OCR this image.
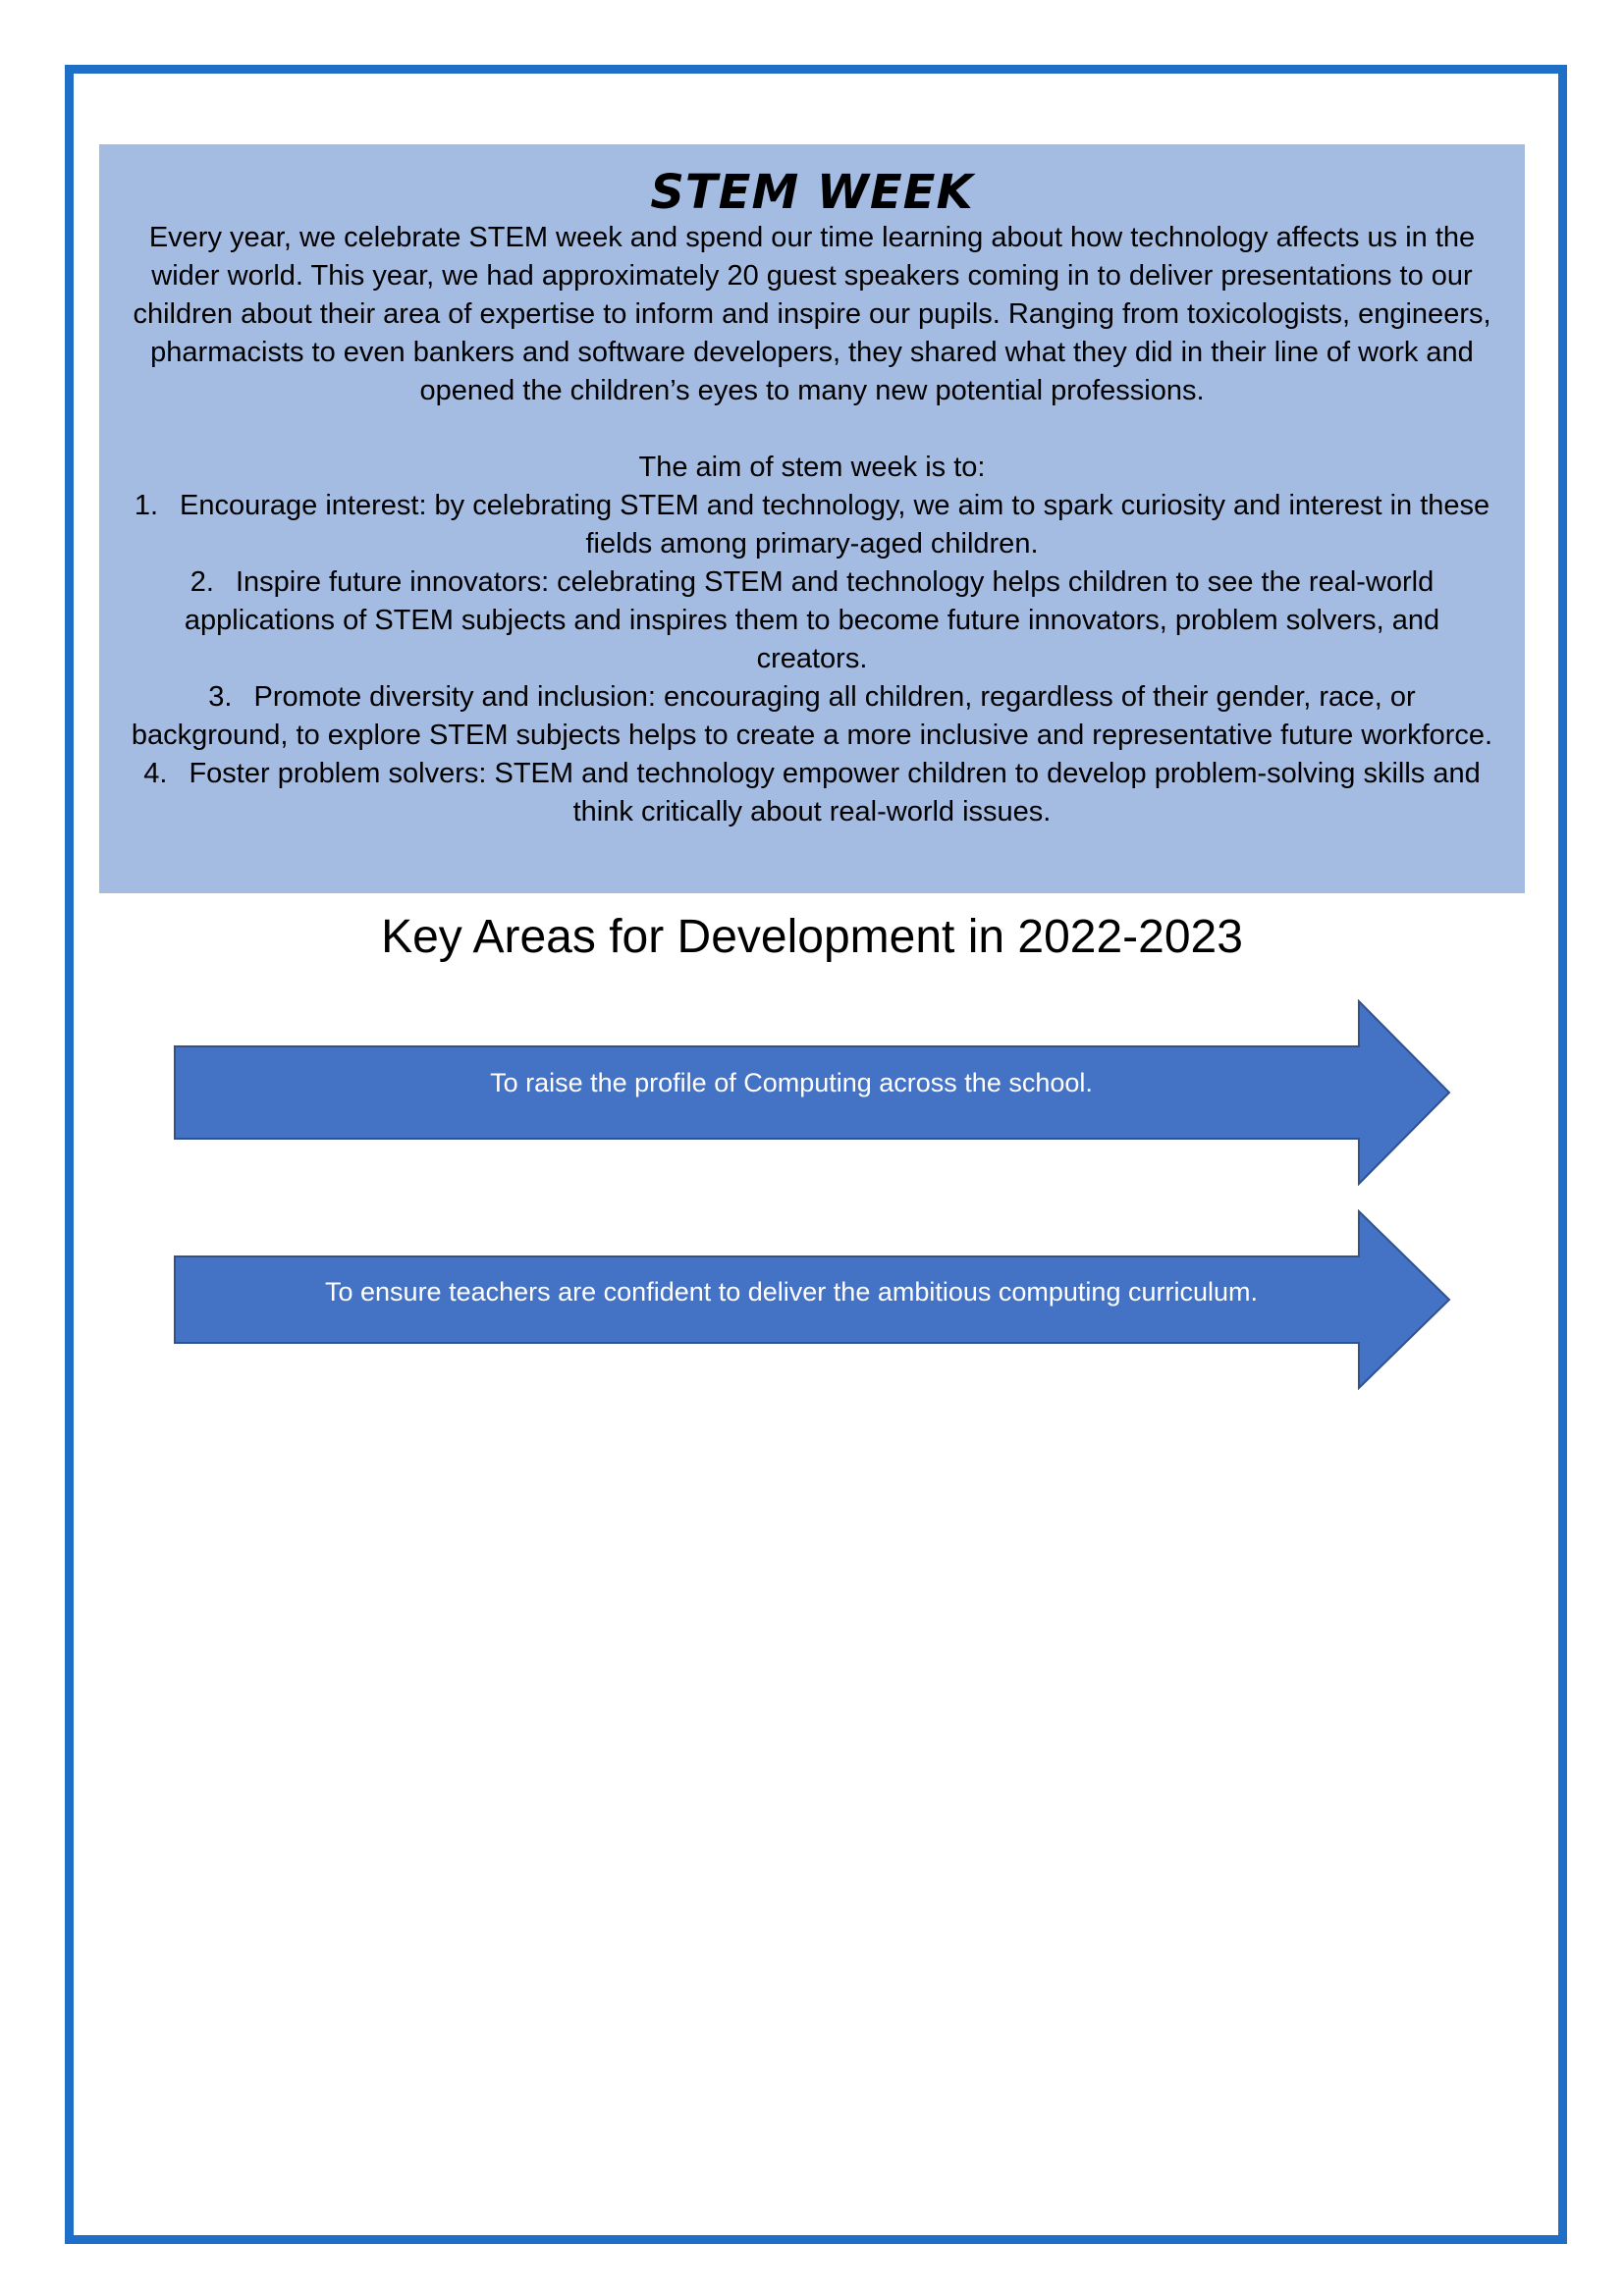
STEM WEEK

Every year, we celebrate STEM week and spend our time learning about how technology affects us in the wider world. This year, we had approximately 20 guest speakers coming in to deliver presentations to our children about their area of expertise to inform and inspire our pupils. Ranging from toxicologists, engineers, pharmacists to even bankers and software developers, they shared what they did in their line of work and opened the children’s eyes to many new potential professions.

The aim of stem week is to:

1. Encourage interest: by celebrating STEM and technology, we aim to spark curiosity and interest in these fields among primary-aged children.
2. Inspire future innovators: celebrating STEM and technology helps children to see the real-world applications of STEM subjects and inspires them to become future innovators, problem solvers, and creators.
3. Promote diversity and inclusion: encouraging all children, regardless of their gender, race, or background, to explore STEM subjects helps to create a more inclusive and representative future workforce.
4. Foster problem solvers: STEM and technology empower children to develop problem-solving skills and think critically about real-world issues.
Key Areas for Development in 2022-2023
To raise the profile of Computing across the school.
To ensure teachers are confident to deliver the ambitious computing curriculum.
